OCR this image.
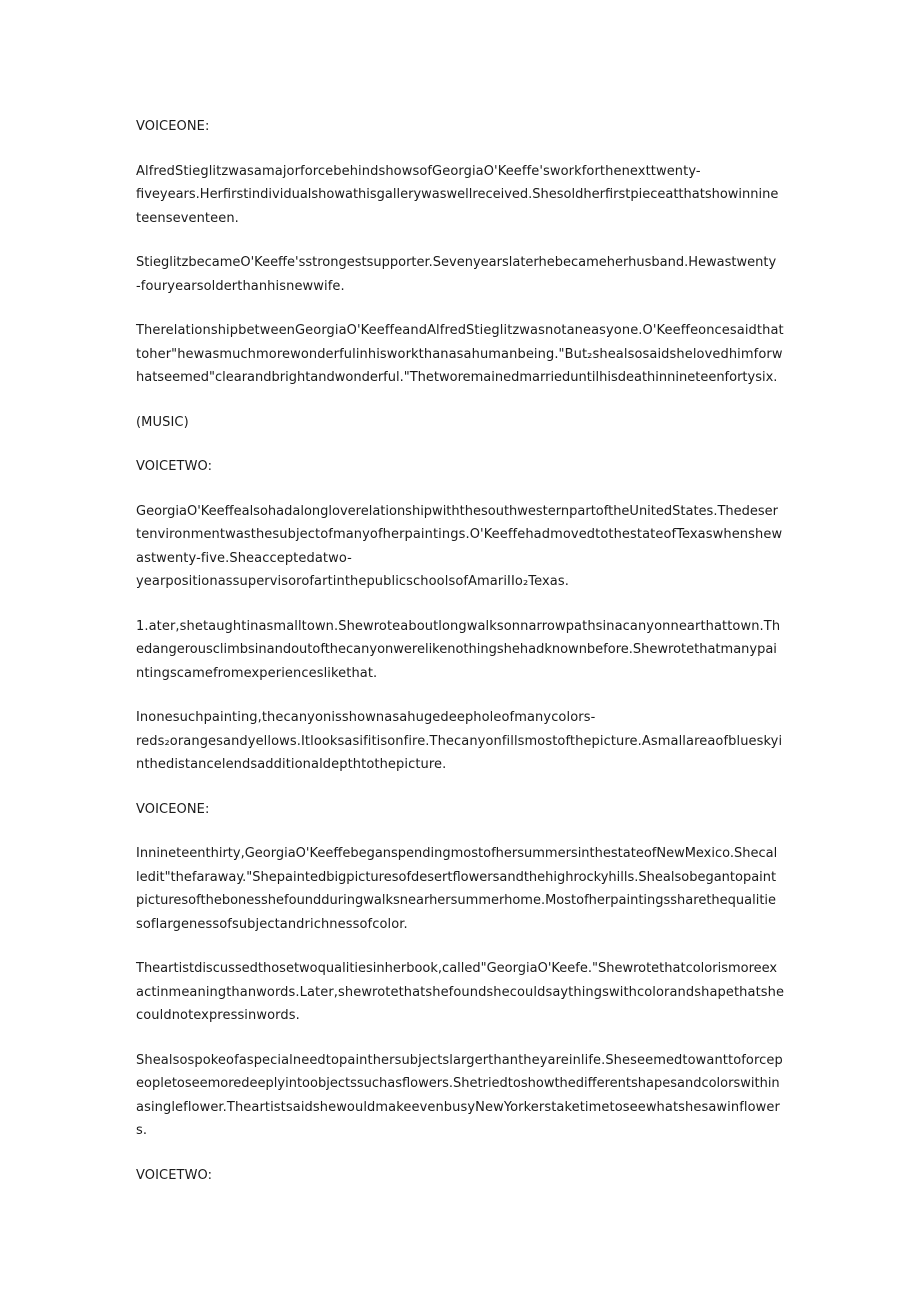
VOICEONE:

AlfredStieglitzwasamajorforcebehindshowsofGeorgiaO'Keeffe'sworkforthenexttwenty-
fiveyears.Herfirstindividualshowathisgallerywaswellreceived.Shesoldherfirstpieceatthatshowinnine
teenseventeen.

StieglitzbecameO'Keeffe'sstrongestsupporter.Sevenyearslaterhebecameherhusband.Hewastwenty
-fouryearsolderthanhisnewwife.

TherelationshipbetweenGeorgiaO'KeeffeandAlfredStieglitzwasnotaneasyone.O'Keeffeoncesaidthat
toher"hewasmuchmorewonderfulinhisworkthanasahumanbeing."But₂shealsosaidshelovedhimforw
hatseemed"clearandbrightandwonderful."Thetworemainedmarrieduntilhisdeathinnineteenfortysix.

(MUSIC)

VOICETWO:

GeorgiaO'KeeffealsohadalongloverelationshipwiththesouthwesternpartoftheUnitedStates.Thedeser
tenvironmentwasthesubjectofmanyofherpaintings.O'KeeffehadmovedtothestateofTexaswhenshew
astwenty-five.Sheacceptedatwo-
yearpositionassupervisorofartinthepublicschoolsofAmariIIo₂Texas.

1.ater,shetaughtinasmalltown.Shewroteaboutlongwalksonnarrowpathsinacanyonnearthattown.Th
edangerousclimbsinandoutofthecanyonwerelikenothingshehadknownbefore.Shewrotethatmanypai
ntingscamefromexperienceslikethat.

Inonesuchpainting,thecanyonisshownasahugedeepholeofmanycolors-
reds₂orangesandyellows.Itlooksasifitisonfire.Thecanyonfillsmostofthepicture.Asmallareaofblueskyi
nthedistancelendsadditionaldepthtothepicture.

VOICEONE:

Innineteenthirty,GeorgiaO'KeeffebeganspendingmostofhersummersinthestateofNewMexico.Shecal
ledit"thefaraway."Shepaintedbigpicturesofdesertflowersandthehighrockyhills.Shealsobegantopaint
picturesofthebonesshefoundduringwalksnearhersummerhome.Mostofherpaintingssharethequalitie
soflargenessofsubjectandrichnessofcolor.

Theartistdiscussedthosetwoqualitiesinherbook,called"GeorgiaO'Keefe."Shewrotethatcolorismoreex
actinmeaningthanwords.Later,shewrotethatshefoundshecouldsaythingswithcolorandshapethatshe
couldnotexpressinwords.

Shealsospokeofaspecialneedtopainthersubjectslargerthantheyareinlife.Sheseemedtowanttoforcep
eopletoseemoredeeplyintoobjectssuchasflowers.Shetriedtoshowthedifferentshapesandcolorswithin
asingleflower.TheartistsaidshewouldmakeevenbusyNewYorkerstaketimetoseewhatshesawinflower
s.

VOICETWO:
